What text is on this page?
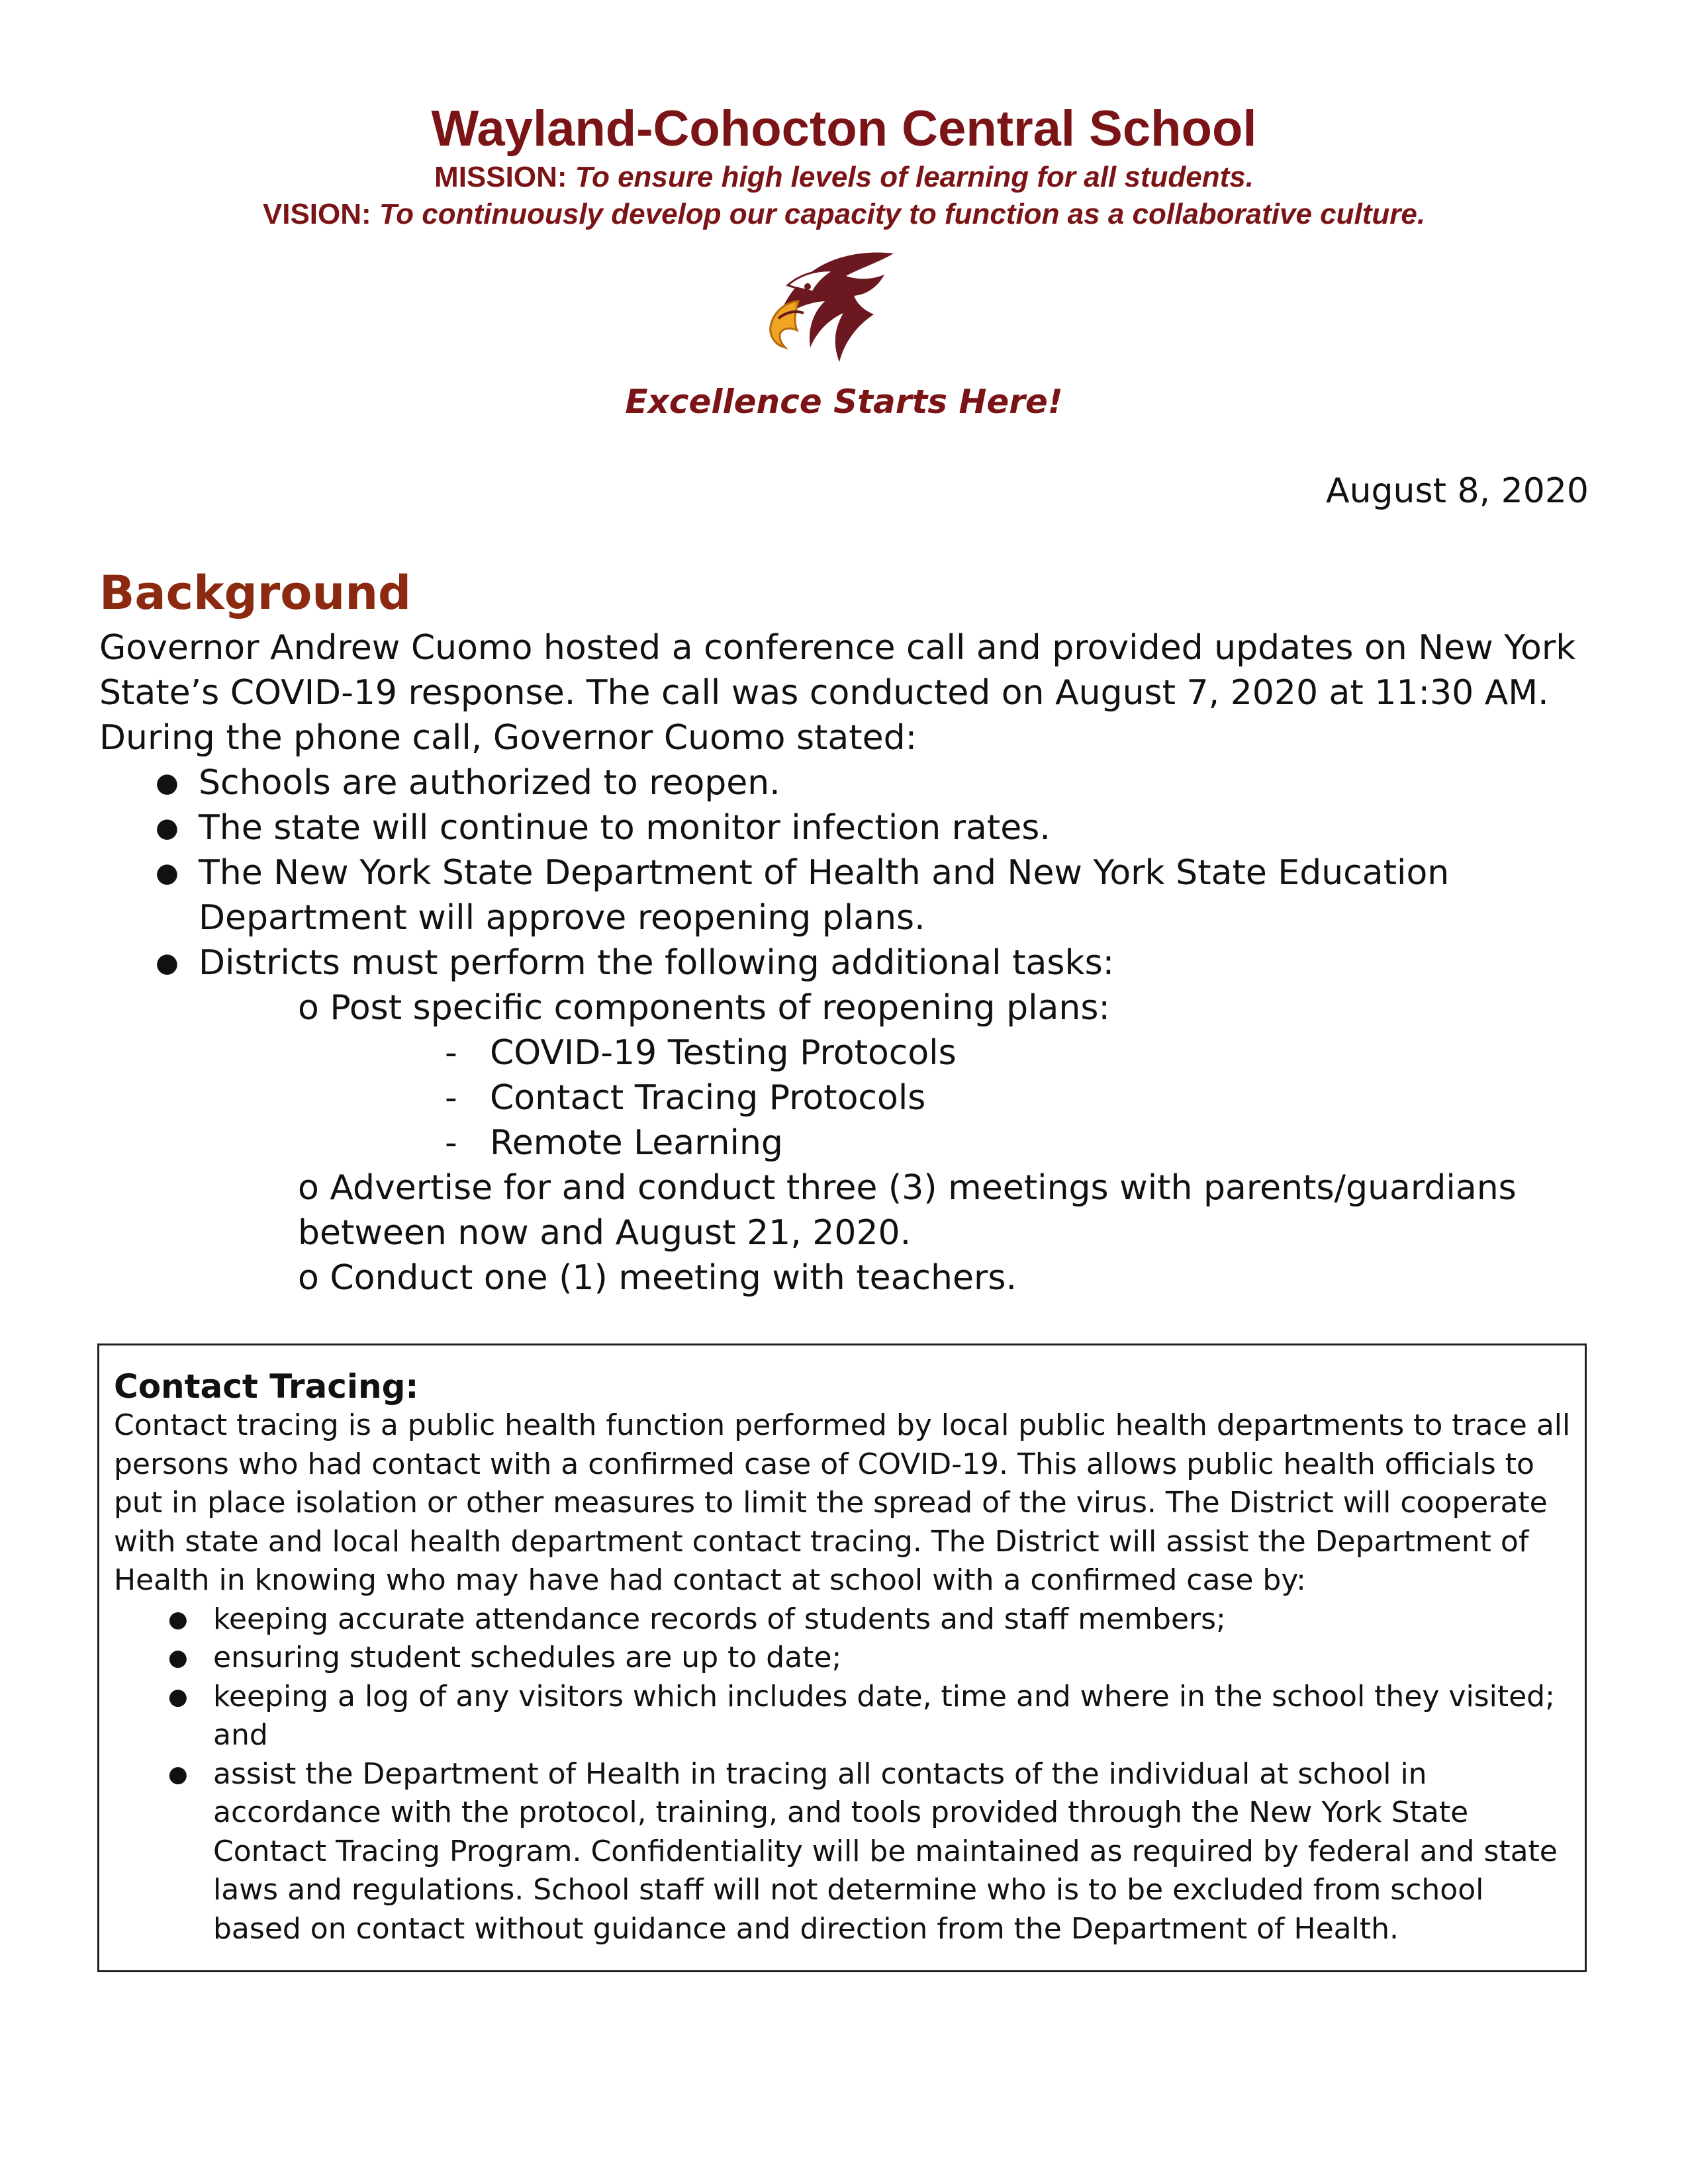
Wayland-Cohocton Central School

MISSION: To ensure high levels of learning for all students.

VISION: To continuously develop our capacity to function as a collaborative culture.

Excellence Starts Here!
August 8, 2020
Background

Governor Andrew Cuomo hosted a conference call and provided updates on New York State’s COVID-19 response. The call was conducted on August 7, 2020 at 11:30 AM. During the phone call, Governor Cuomo stated:

● Schools are authorized to reopen.
● The state will continue to monitor infection rates.
● The New York State Department of Health and New York State Education Department will approve reopening plans.
● Districts must perform the following additional tasks:
o Post specific components of reopening plans:
- COVID-19 Testing Protocols
- Contact Tracing Protocols
- Remote Learning
o Advertise for and conduct three (3) meetings with parents/guardians between now and August 21, 2020.
o Conduct one (1) meeting with teachers.

Contact Tracing:

Contact tracing is a public health function performed by local public health departments to trace all persons who had contact with a confirmed case of COVID-19. This allows public health officials to put in place isolation or other measures to limit the spread of the virus. The District will cooperate with state and local health department contact tracing. The District will assist the Department of Health in knowing who may have had contact at school with a confirmed case by:

● keeping accurate attendance records of students and staff members;
● ensuring student schedules are up to date;
● keeping a log of any visitors which includes date, time and where in the school they visited; and
● assist the Department of Health in tracing all contacts of the individual at school in accordance with the protocol, training, and tools provided through the New York State Contact Tracing Program. Confidentiality will be maintained as required by federal and state laws and regulations. School staff will not determine who is to be excluded from school based on contact without guidance and direction from the Department of Health.
